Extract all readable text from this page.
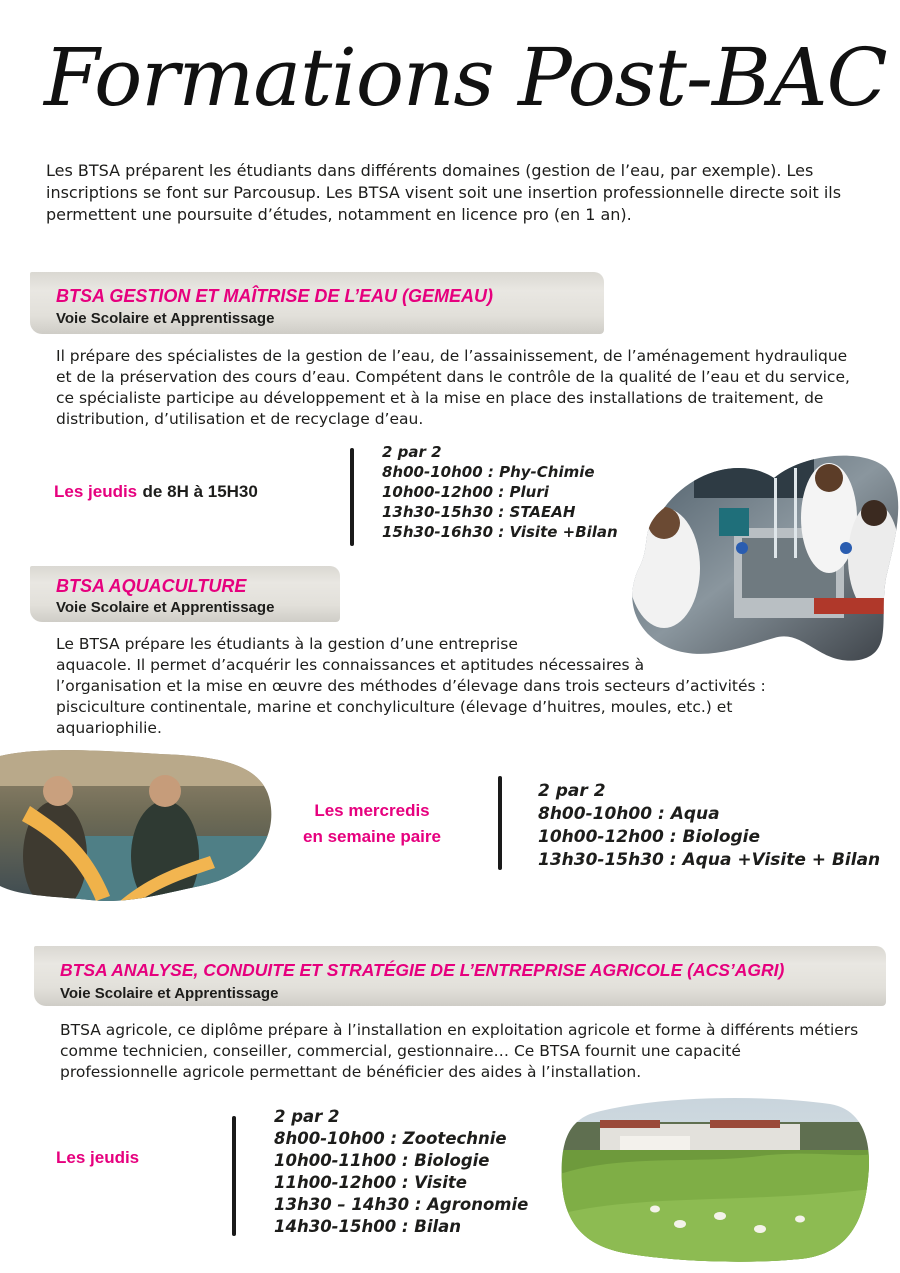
Formations Post-BAC
Les BTSA préparent les étudiants dans différents domaines (gestion de l’eau, par exemple). Les inscriptions se font sur Parcousup. Les BTSA visent soit une insertion professionnelle directe soit ils permettent une poursuite d’études, notamment en licence pro (en 1 an).
BTSA GESTION ET MAÎTRISE DE L’EAU (GEMEAU)
Voie Scolaire et Apprentissage
Il prépare des spécialistes de la gestion de l’eau, de l’assainissement, de l’aménagement hydraulique et de la préservation des cours d’eau. Compétent dans le contrôle de la qualité de l’eau et du service, ce spécialiste participe au développement et à la mise en place des installations de traitement, de distribution, d’utilisation et de recyclage d’eau.
Les jeudis de 8H à 15H30
2 par 2
8h00-10h00 : Phy-Chimie
10h00-12h00 : Pluri
13h30-15h30 : STAEAH
15h30-16h30 : Visite +Bilan
BTSA AQUACULTURE
Voie Scolaire et Apprentissage
Le BTSA prépare les étudiants à la gestion d’une entreprise
aquacole. Il permet d’acquérir les connaissances et aptitudes nécessaires à
l’organisation et la mise en œuvre des méthodes d’élevage dans trois secteurs d’activités :
pisciculture continentale, marine et conchyliculture (élevage d’huitres, moules, etc.) et
aquariophilie.
Les mercredis
en semaine paire
2 par 2
8h00-10h00 : Aqua
10h00-12h00 : Biologie
13h30-15h30 : Aqua +Visite + Bilan
BTSA ANALYSE, CONDUITE ET STRATÉGIE DE L’ENTREPRISE AGRICOLE (ACS’AGRI)
Voie Scolaire et Apprentissage
BTSA agricole, ce diplôme prépare à l’installation en exploitation agricole et forme à différents métiers comme technicien, conseiller, commercial, gestionnaire… Ce BTSA fournit une capacité professionnelle agricole permettant de bénéficier des aides à l’installation.
Les jeudis
2 par 2
8h00-10h00 : Zootechnie
10h00-11h00 : Biologie
11h00-12h00 : Visite
13h30 – 14h30 : Agronomie
14h30-15h00 : Bilan
